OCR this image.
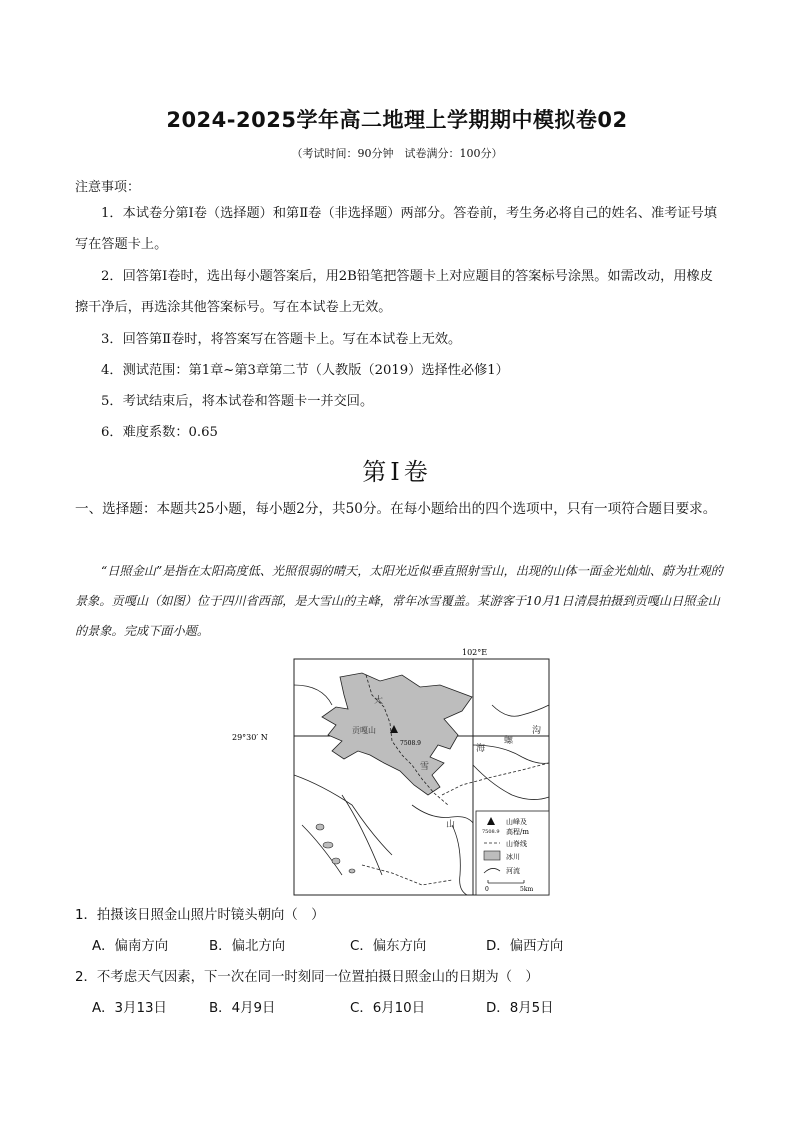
2024-2025学年高二地理上学期期中模拟卷02
（考试时间：90分钟　试卷满分：100分）
注意事项：
1．本试卷分第Ⅰ卷（选择题）和第Ⅱ卷（非选择题）两部分。答卷前，考生务必将自己的姓名、准考证号填写在答题卡上。
2．回答第Ⅰ卷时，选出每小题答案后，用2B铅笔把答题卡上对应题目的答案标号涂黑。如需改动，用橡皮擦干净后，再选涂其他答案标号。写在本试卷上无效。
3．回答第Ⅱ卷时，将答案写在答题卡上。写在本试卷上无效。
4．测试范围：第1章~第3章第二节（人教版（2019）选择性必修1）
5．考试结束后，将本试卷和答题卡一并交回。
6．难度系数：0.65
第Ⅰ卷
一、选择题：本题共25小题，每小题2分，共50分。在每小题给出的四个选项中，只有一项符合题目要求。
“日照金山”是指在太阳高度低、光照很弱的晴天，太阳光近似垂直照射雪山，出现的山体一面金光灿灿、蔚为壮观的景象。贡嘎山（如图）位于四川省西部，是大雪山的主峰，常年冰雪覆盖。某游客于10月1日清晨拍摄到贡嘎山日照金山的景象。完成下面小题。
102°E
29°30′ N
7508.9
贡嘎山
大
雪
山
海
螺
沟
7508.9
山峰及
高程/m
山脊线
冰川
河流
0	5km
1．拍摄该日照金山照片时镜头朝向（　）
A．偏南方向	B．偏北方向	C．偏东方向	D．偏西方向
2．不考虑天气因素，下一次在同一时刻同一位置拍摄日照金山的日期为（　）
A．3月13日	B．4月9日	C．6月10日	D．8月5日
